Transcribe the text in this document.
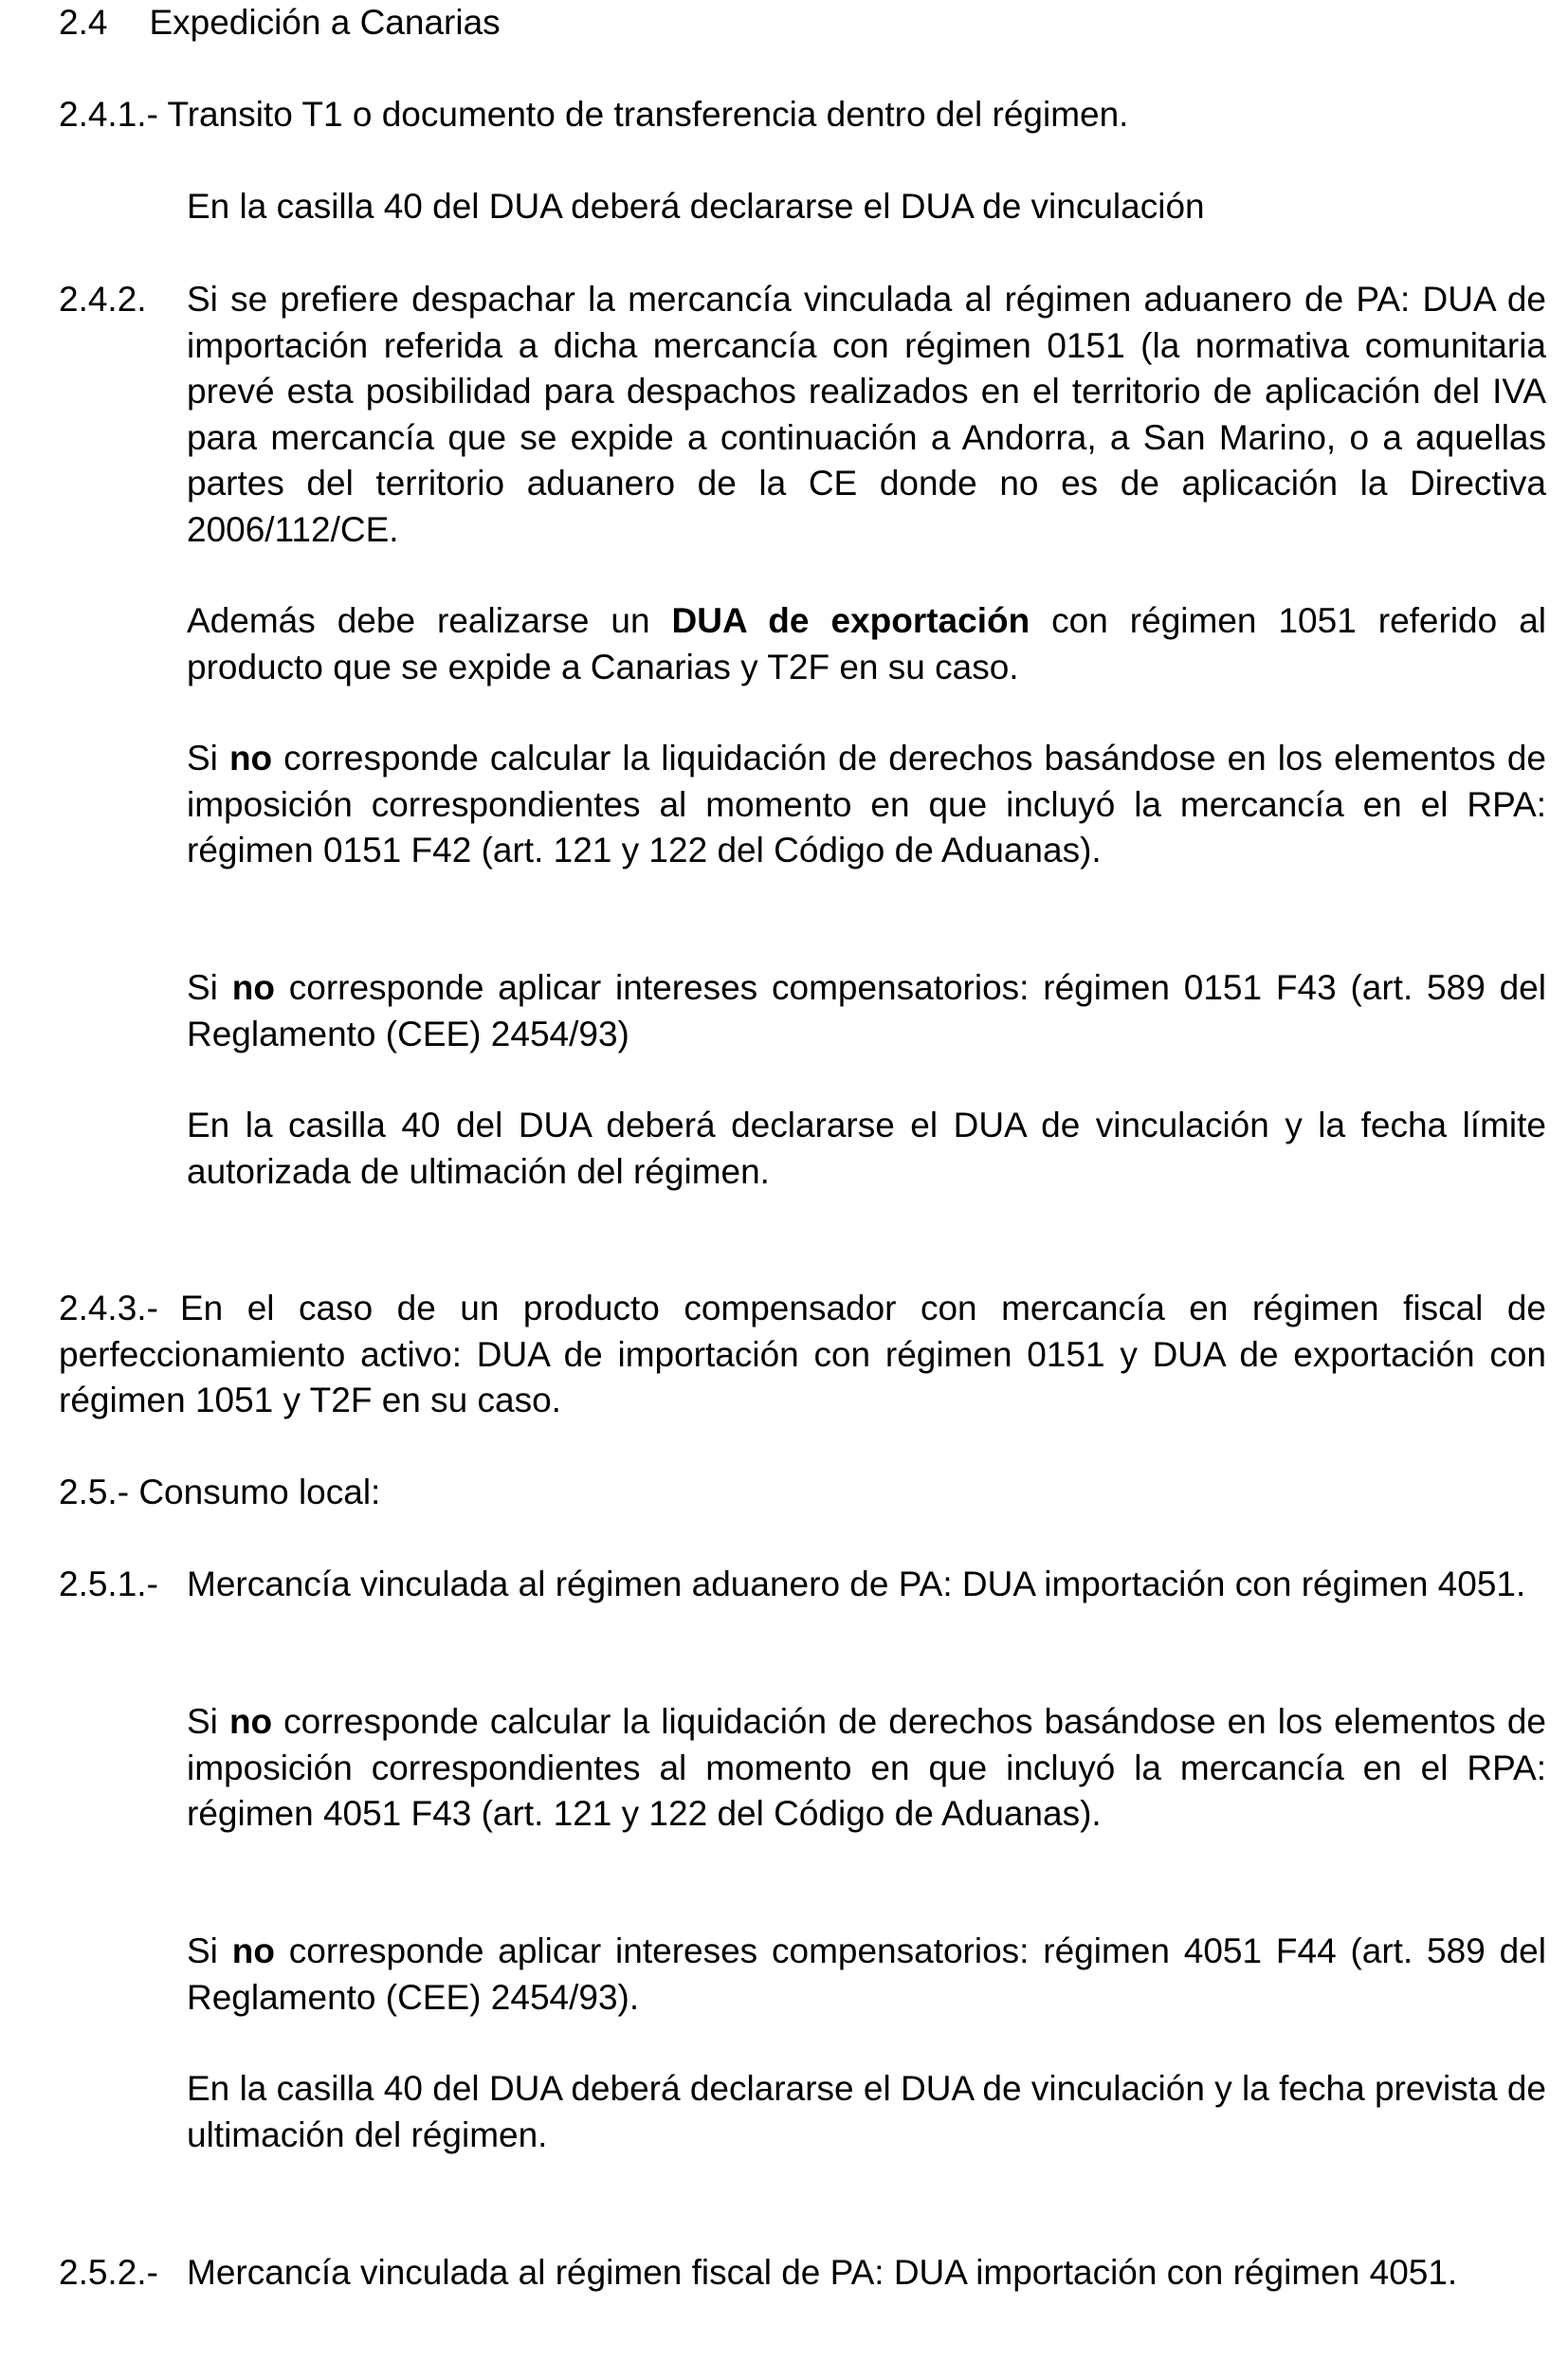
2.4 Expedición a Canarias
2.4.1.- Transito T1 o documento de transferencia dentro del régimen.
En la casilla 40 del DUA deberá declararse el DUA de vinculación
2.4.2. Si se prefiere despachar la mercancía vinculada al régimen aduanero de PA: DUA de importación referida a dicha mercancía con régimen 0151 (la normativa comunitaria prevé esta posibilidad para despachos realizados en el territorio de aplicación del IVA para mercancía que se expide a continuación a Andorra, a San Marino, o a aquellas partes del territorio aduanero de la CE donde no es de aplicación la Directiva 2006/112/CE.
Además debe realizarse un DUA de exportación con régimen 1051 referido al producto que se expide a Canarias y T2F en su caso.
Si no corresponde calcular la liquidación de derechos basándose en los elementos de imposición correspondientes al momento en que incluyó la mercancía en el RPA: régimen 0151 F42 (art. 121 y 122 del Código de Aduanas).
Si no corresponde aplicar intereses compensatorios: régimen 0151 F43 (art. 589 del Reglamento (CEE) 2454/93)
En la casilla 40 del DUA deberá declararse el DUA de vinculación y la fecha límite autorizada de ultimación del régimen.
2.4.3.- En el caso de un producto compensador con mercancía en régimen fiscal de perfeccionamiento activo: DUA de importación con régimen 0151 y DUA de exportación con régimen 1051 y T2F en su caso.
2.5.- Consumo local:
2.5.1.- Mercancía vinculada al régimen aduanero de PA: DUA importación con régimen 4051.
Si no corresponde calcular la liquidación de derechos basándose en los elementos de imposición correspondientes al momento en que incluyó la mercancía en el RPA: régimen 4051 F43 (art. 121 y 122 del Código de Aduanas).
Si no corresponde aplicar intereses compensatorios: régimen 4051 F44 (art. 589 del Reglamento (CEE) 2454/93).
En la casilla 40 del DUA deberá declararse el DUA de vinculación y la fecha prevista de ultimación del régimen.
2.5.2.- Mercancía vinculada al régimen fiscal de PA: DUA importación con régimen 4051.
